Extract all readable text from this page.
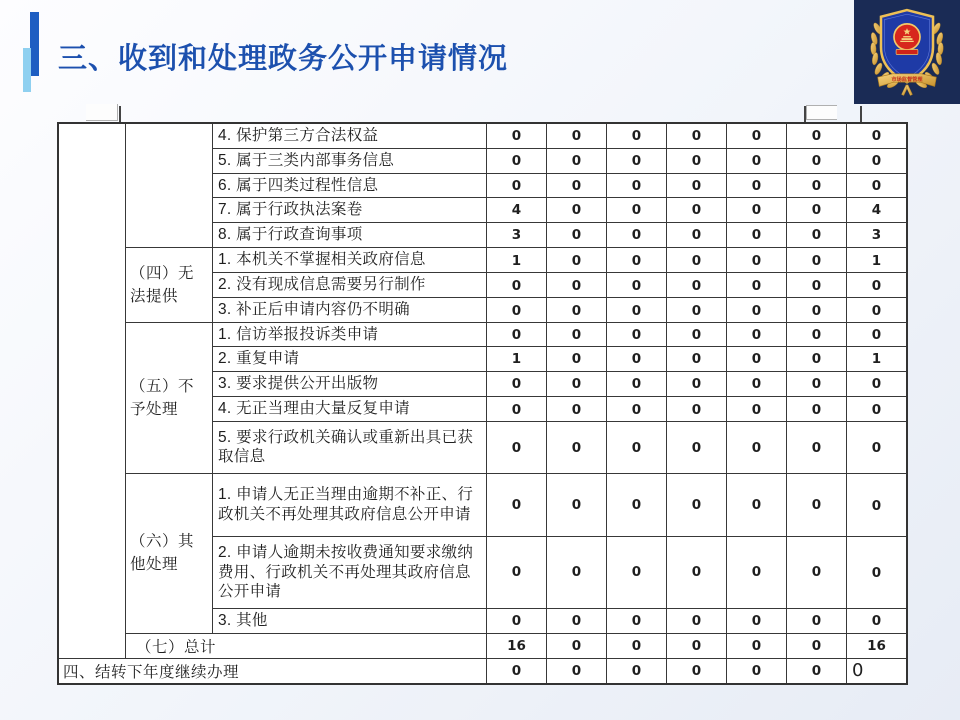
三、收到和处理政务公开申请情况
市场监督管理
		4. 保护第三方合法权益	0	0	0	0	0	0	0
		5. 属于三类内部事务信息	0	0	0	0	0	0	0
		6. 属于四类过程性信息	0	0	0	0	0	0	0
		7. 属于行政执法案卷	4	0	0	0	0	0	4
		8. 属于行政查询事项	3	0	0	0	0	0	3
	（四）无法提供	1. 本机关不掌握相关政府信息	1	0	0	0	0	0	1
		2. 没有现成信息需要另行制作	0	0	0	0	0	0	0
		3. 补正后申请内容仍不明确	0	0	0	0	0	0	0
	（五）不予处理	1. 信访举报投诉类申请	0	0	0	0	0	0	0
		2. 重复申请	1	0	0	0	0	0	1
		3. 要求提供公开出版物	0	0	0	0	0	0	0
		4. 无正当理由大量反复申请	0	0	0	0	0	0	0
		5. 要求行政机关确认或重新出具已获取信息	0	0	0	0	0	0	0
	（六）其他处理	1. 申请人无正当理由逾期不补正、行政机关不再处理其政府信息公开申请	0	0	0	0	0	0	0
		2. 申请人逾期未按收费通知要求缴纳费用、行政机关不再处理其政府信息公开申请	0	0	0	0	0	0	0
		3. 其他	0	0	0	0	0	0	0
	（七）总计		16	0	0	0	0	0	16
四、结转下年度继续办理			0	0	0	0	0	0	0
